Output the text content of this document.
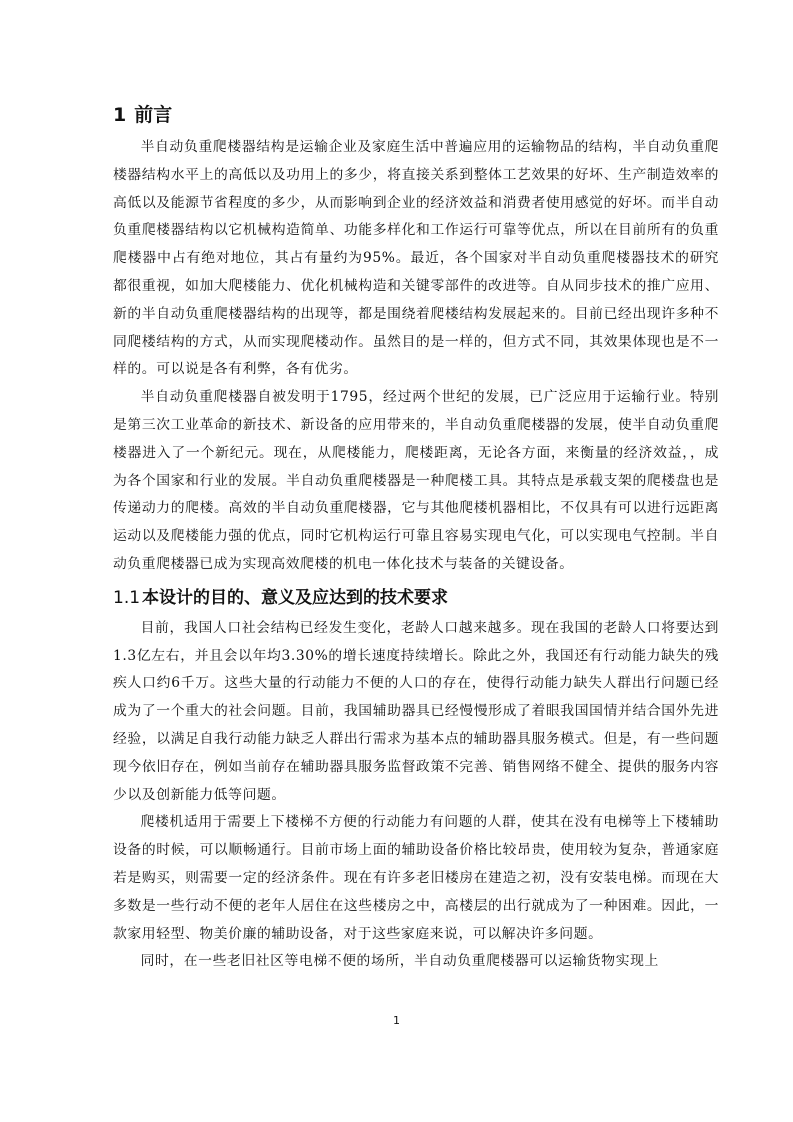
1 前言

半自动负重爬楼器结构是运输企业及家庭生活中普遍应用的运输物品的结构，半自动负重爬楼器结构水平上的高低以及功用上的多少，将直接关系到整体工艺效果的好坏、生产制造效率的高低以及能源节省程度的多少，从而影响到企业的经济效益和消费者使用感觉的好坏。而半自动负重爬楼器结构以它机械构造简单、功能多样化和工作运行可靠等优点，所以在目前所有的负重爬楼器中占有绝对地位，其占有量约为95%。最近，各个国家对半自动负重爬楼器技术的研究都很重视，如加大爬楼能力、优化机械构造和关键零部件的改进等。自从同步技术的推广应用、新的半自动负重爬楼器结构的出现等，都是围绕着爬楼结构发展起来的。目前已经出现许多种不同爬楼结构的方式，从而实现爬楼动作。虽然目的是一样的，但方式不同，其效果体现也是不一样的。可以说是各有利弊，各有优劣。

半自动负重爬楼器自被发明于1795，经过两个世纪的发展，已广泛应用于运输行业。特别是第三次工业革命的新技术、新设备的应用带来的，半自动负重爬楼器的发展，使半自动负重爬楼器进入了一个新纪元。现在，从爬楼能力，爬楼距离，无论各方面，来衡量的经济效益，，成为各个国家和行业的发展。半自动负重爬楼器是一种爬楼工具。其特点是承载支架的爬楼盘也是传递动力的爬楼。高效的半自动负重爬楼器，它与其他爬楼机器相比，不仅具有可以进行远距离运动以及爬楼能力强的优点，同时它机构运行可靠且容易实现电气化，可以实现电气控制。半自动负重爬楼器已成为实现高效爬楼的机电一体化技术与装备的关键设备。

1.1 本设计的目的、意义及应达到的技术要求

目前，我国人口社会结构已经发生变化，老龄人口越来越多。现在我国的老龄人口将要达到1.3亿左右，并且会以年均3.30%的增长速度持续增长。除此之外，我国还有行动能力缺失的残疾人口约6千万。这些大量的行动能力不便的人口的存在，使得行动能力缺失人群出行问题已经成为了一个重大的社会问题。目前，我国辅助器具已经慢慢形成了着眼我国国情并结合国外先进经验，以满足自我行动能力缺乏人群出行需求为基本点的辅助器具服务模式。但是，有一些问题现今依旧存在，例如当前存在辅助器具服务监督政策不完善、销售网络不健全、提供的服务内容少以及创新能力低等问题。

爬楼机适用于需要上下楼梯不方便的行动能力有问题的人群，使其在没有电梯等上下楼辅助设备的时候，可以顺畅通行。目前市场上面的辅助设备价格比较昂贵，使用较为复杂，普通家庭若是购买，则需要一定的经济条件。现在有许多老旧楼房在建造之初，没有安装电梯。而现在大多数是一些行动不便的老年人居住在这些楼房之中，高楼层的出行就成为了一种困难。因此，一款家用轻型、物美价廉的辅助设备，对于这些家庭来说，可以解决许多问题。

同时，在一些老旧社区等电梯不便的场所，半自动负重爬楼器可以运输货物实现上

1
